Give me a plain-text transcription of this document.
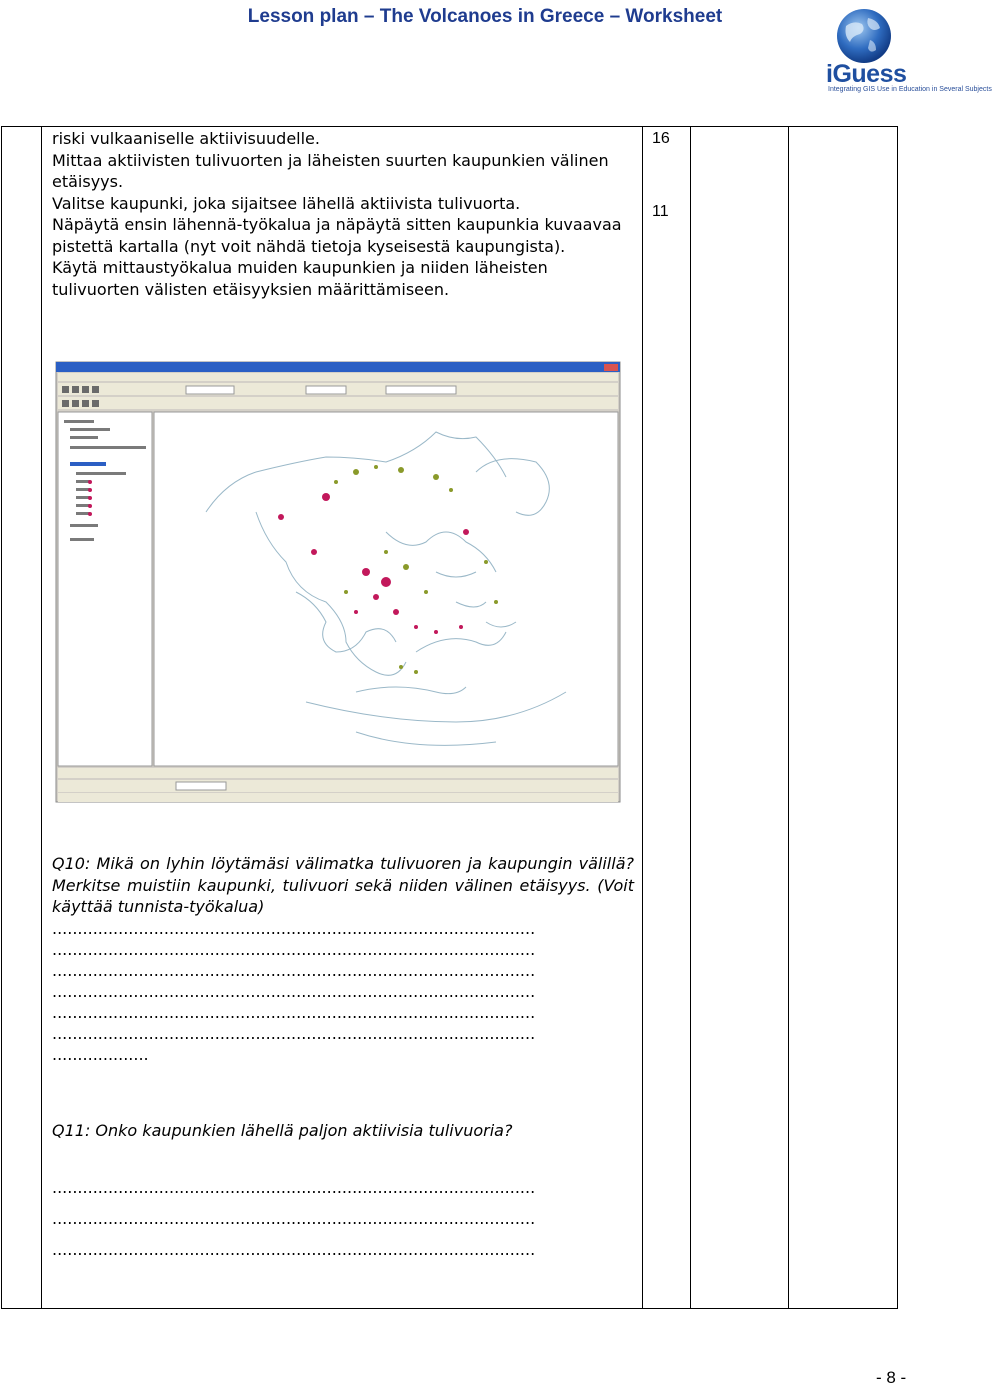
Lesson plan – The Volcanoes in Greece – Worksheet
iGuess
Integrating GIS Use in Education in Several Subjects

riski vulkaaniselle aktiivisuudelle.

Mittaa aktiivisten tulivuorten ja läheisten suurten kaupunkien välinen etäisyys.

Valitse kaupunki, joka sijaitsee lähellä aktiivista tulivuorta.

Näpäytä ensin lähennä-työkalua ja näpäytä sitten kaupunkia kuvaavaa pistettä kartalla (nyt voit nähdä tietoja kyseisestä kaupungista).

Käytä mittaustyökalua muiden kaupunkien ja niiden läheisten tulivuorten välisten etäisyyksien määrittämiseen.

16
11

Q10: Mikä on lyhin löytämäsi välimatka tulivuoren ja kaupungin välillä? Merkitse muistiin kaupunki, tulivuori sekä niiden välinen etäisyys. (Voit käyttää tunnista-työkalua)

...............................................................................................

...............................................................................................

...............................................................................................

...............................................................................................

...............................................................................................

...............................................................................................

...................

Q11: Onko kaupunkien lähellä paljon aktiivisia tulivuoria?

...............................................................................................

...............................................................................................

...............................................................................................

- 8 -
